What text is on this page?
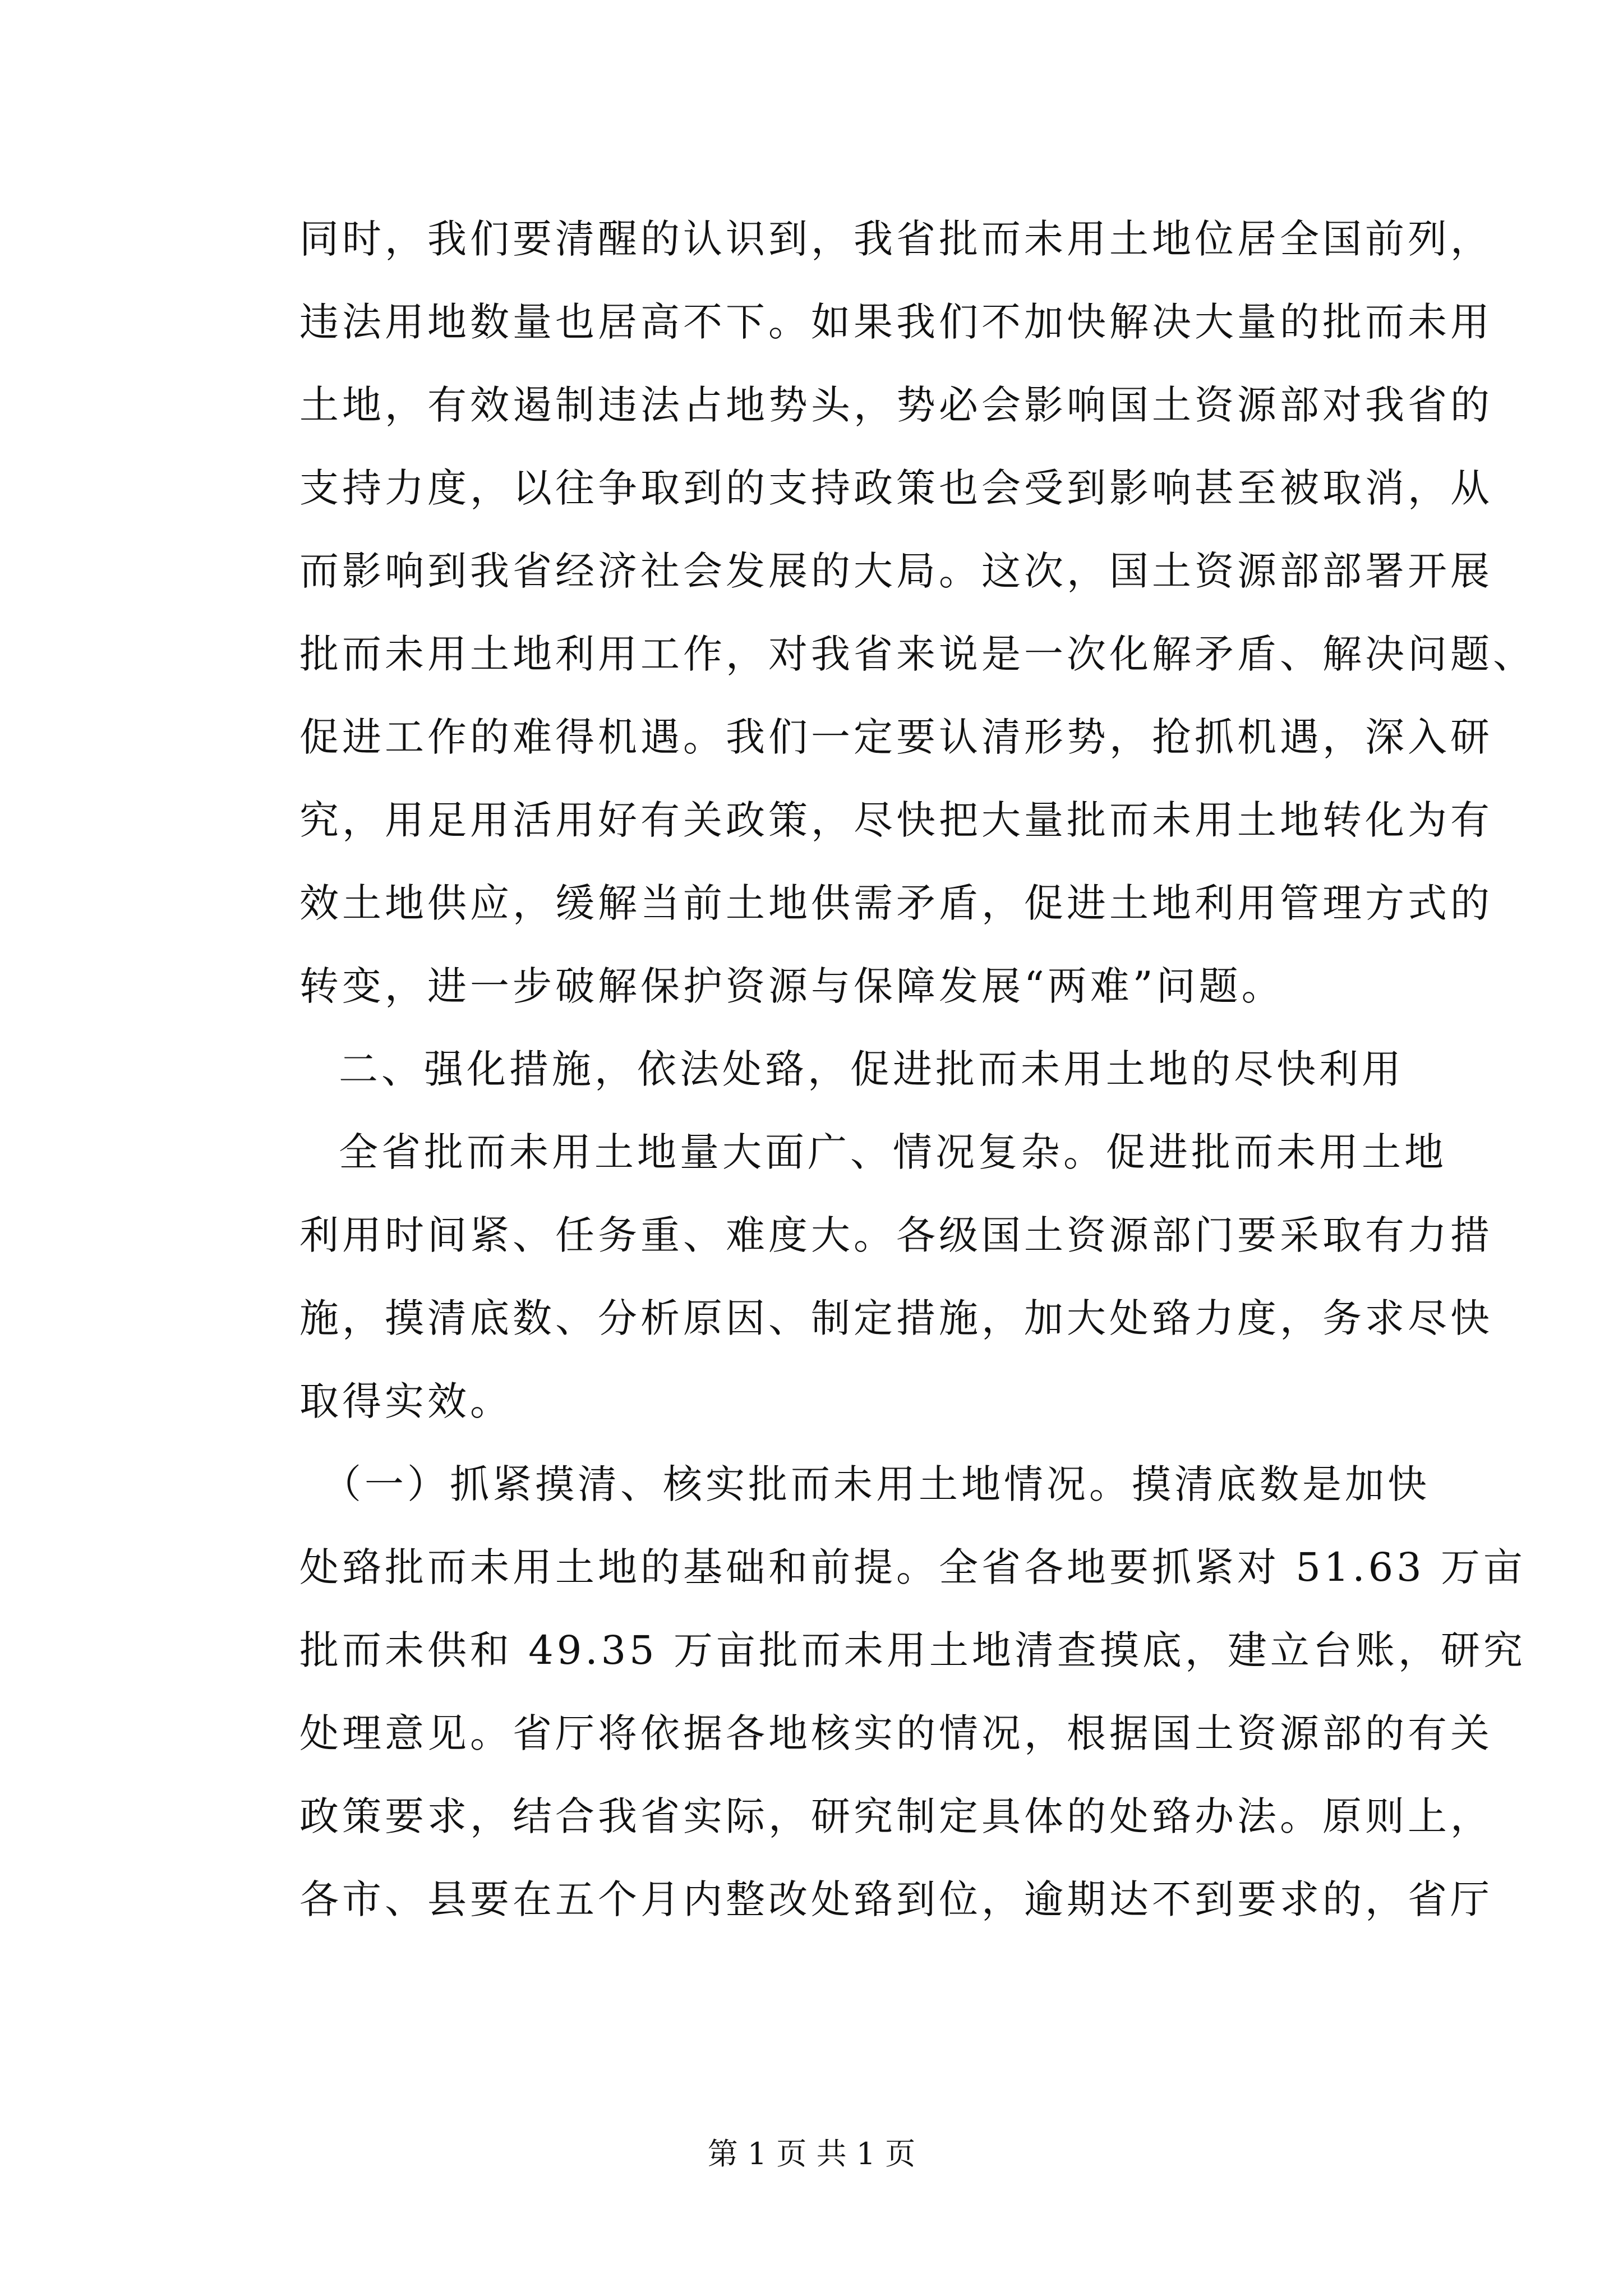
同时，我们要清醒的认识到，我省批而未用土地位居全国前列，
违法用地数量也居高不下。如果我们不加快解决大量的批而未用
土地，有效遏制违法占地势头，势必会影响国土资源部对我省的
支持力度，以往争取到的支持政策也会受到影响甚至被取消，从
而影响到我省经济社会发展的大局。这次，国土资源部部署开展
批而未用土地利用工作，对我省来说是一次化解矛盾、解决问题、
促进工作的难得机遇。我们一定要认清形势，抢抓机遇，深入研
究，用足用活用好有关政策，尽快把大量批而未用土地转化为有
效土地供应，缓解当前土地供需矛盾，促进土地利用管理方式的
转变，进一步破解保护资源与保障发展“两难”问题。
二、强化措施，依法处臵，促进批而未用土地的尽快利用
全省批而未用土地量大面广、情况复杂。促进批而未用土地
利用时间紧、任务重、难度大。各级国土资源部门要采取有力措
施，摸清底数、分析原因、制定措施，加大处臵力度，务求尽快
取得实效。
（一）抓紧摸清、核实批而未用土地情况。摸清底数是加快
处臵批而未用土地的基础和前提。全省各地要抓紧对 51.63 万亩
批而未供和 49.35 万亩批而未用土地清查摸底，建立台账，研究
处理意见。省厅将依据各地核实的情况，根据国土资源部的有关
政策要求，结合我省实际，研究制定具体的处臵办法。原则上，
各市、县要在五个月内整改处臵到位，逾期达不到要求的，省厅
第 1 页 共 1 页
